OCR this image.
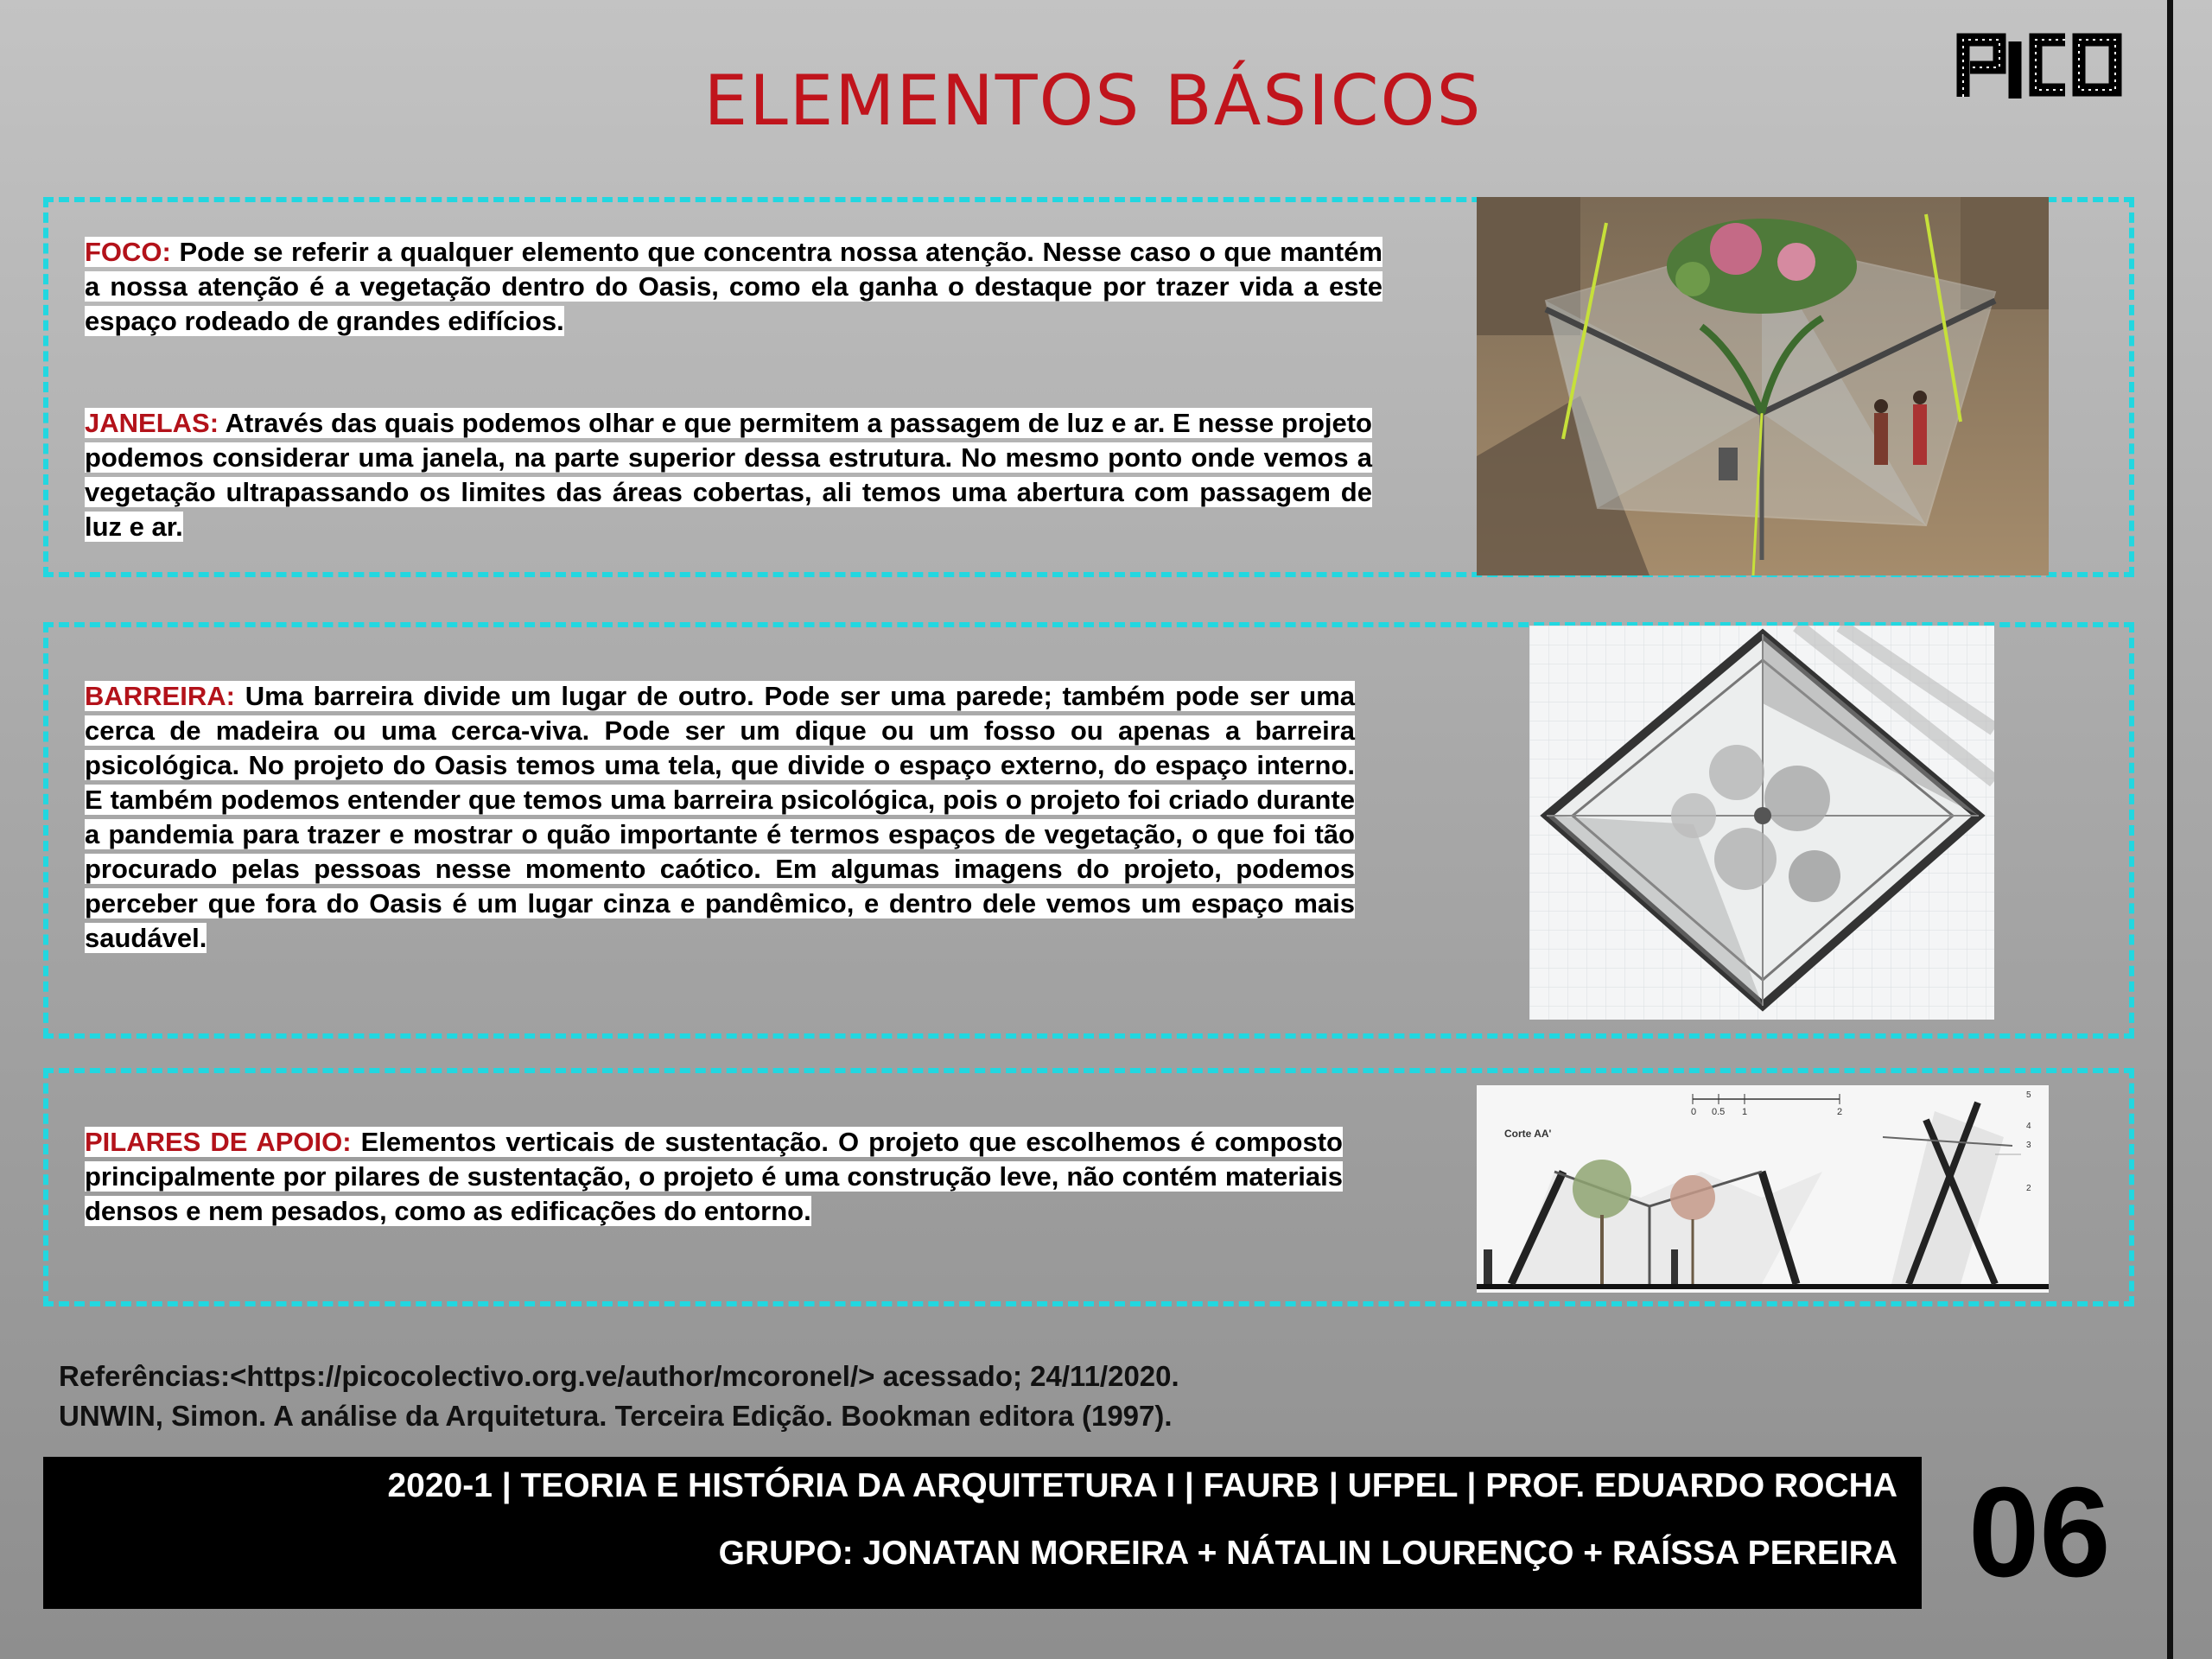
ELEMENTOS BÁSICOS
FOCO: Pode se referir a qualquer elemento que concentra nossa atenção. Nesse caso o que mantém a nossa atenção é a vegetação dentro do Oasis, como ela ganha o destaque por trazer vida a este espaço rodeado de grandes edifícios.
JANELAS: Através das quais podemos olhar e que permitem a passagem de luz e ar. E nesse projeto podemos considerar uma janela, na parte superior dessa estrutura. No mesmo ponto onde vemos a vegetação ultrapassando os limites das áreas cobertas, ali temos uma abertura com passagem de luz e ar.
BARREIRA: Uma barreira divide um lugar de outro. Pode ser uma parede; também pode ser uma cerca de madeira ou uma cerca-viva. Pode ser um dique ou um fosso ou apenas a barreira psicológica. No projeto do Oasis temos uma tela, que divide o espaço externo, do espaço interno. E também podemos entender que temos uma barreira psicológica, pois o projeto foi criado durante a pandemia para trazer e mostrar o quão importante é termos espaços de vegetação, o que foi tão procurado pelas pessoas nesse momento caótico. Em algumas imagens do projeto, podemos perceber que fora do Oasis é um lugar cinza e pandêmico, e dentro dele vemos um espaço mais saudável.
PILARES DE APOIO: Elementos verticais de sustentação. O projeto que escolhemos é composto principalmente por pilares de sustentação, o projeto é uma construção leve, não contém materiais densos e nem pesados, como as edificações do entorno.
0 0.5 1	2
Corte AA'
5
4
3
2
Referências:<https://picocolectivo.org.ve/author/mcoronel/> acessado; 24/11/2020.
UNWIN, Simon. A análise da Arquitetura. Terceira Edição. Bookman editora (1997).
2020-1 | TEORIA E HISTÓRIA DA ARQUITETURA I | FAURB | UFPEL | PROF. EDUARDO ROCHA
GRUPO: JONATAN MOREIRA + NÁTALIN LOURENÇO + RAÍSSA PEREIRA 06
